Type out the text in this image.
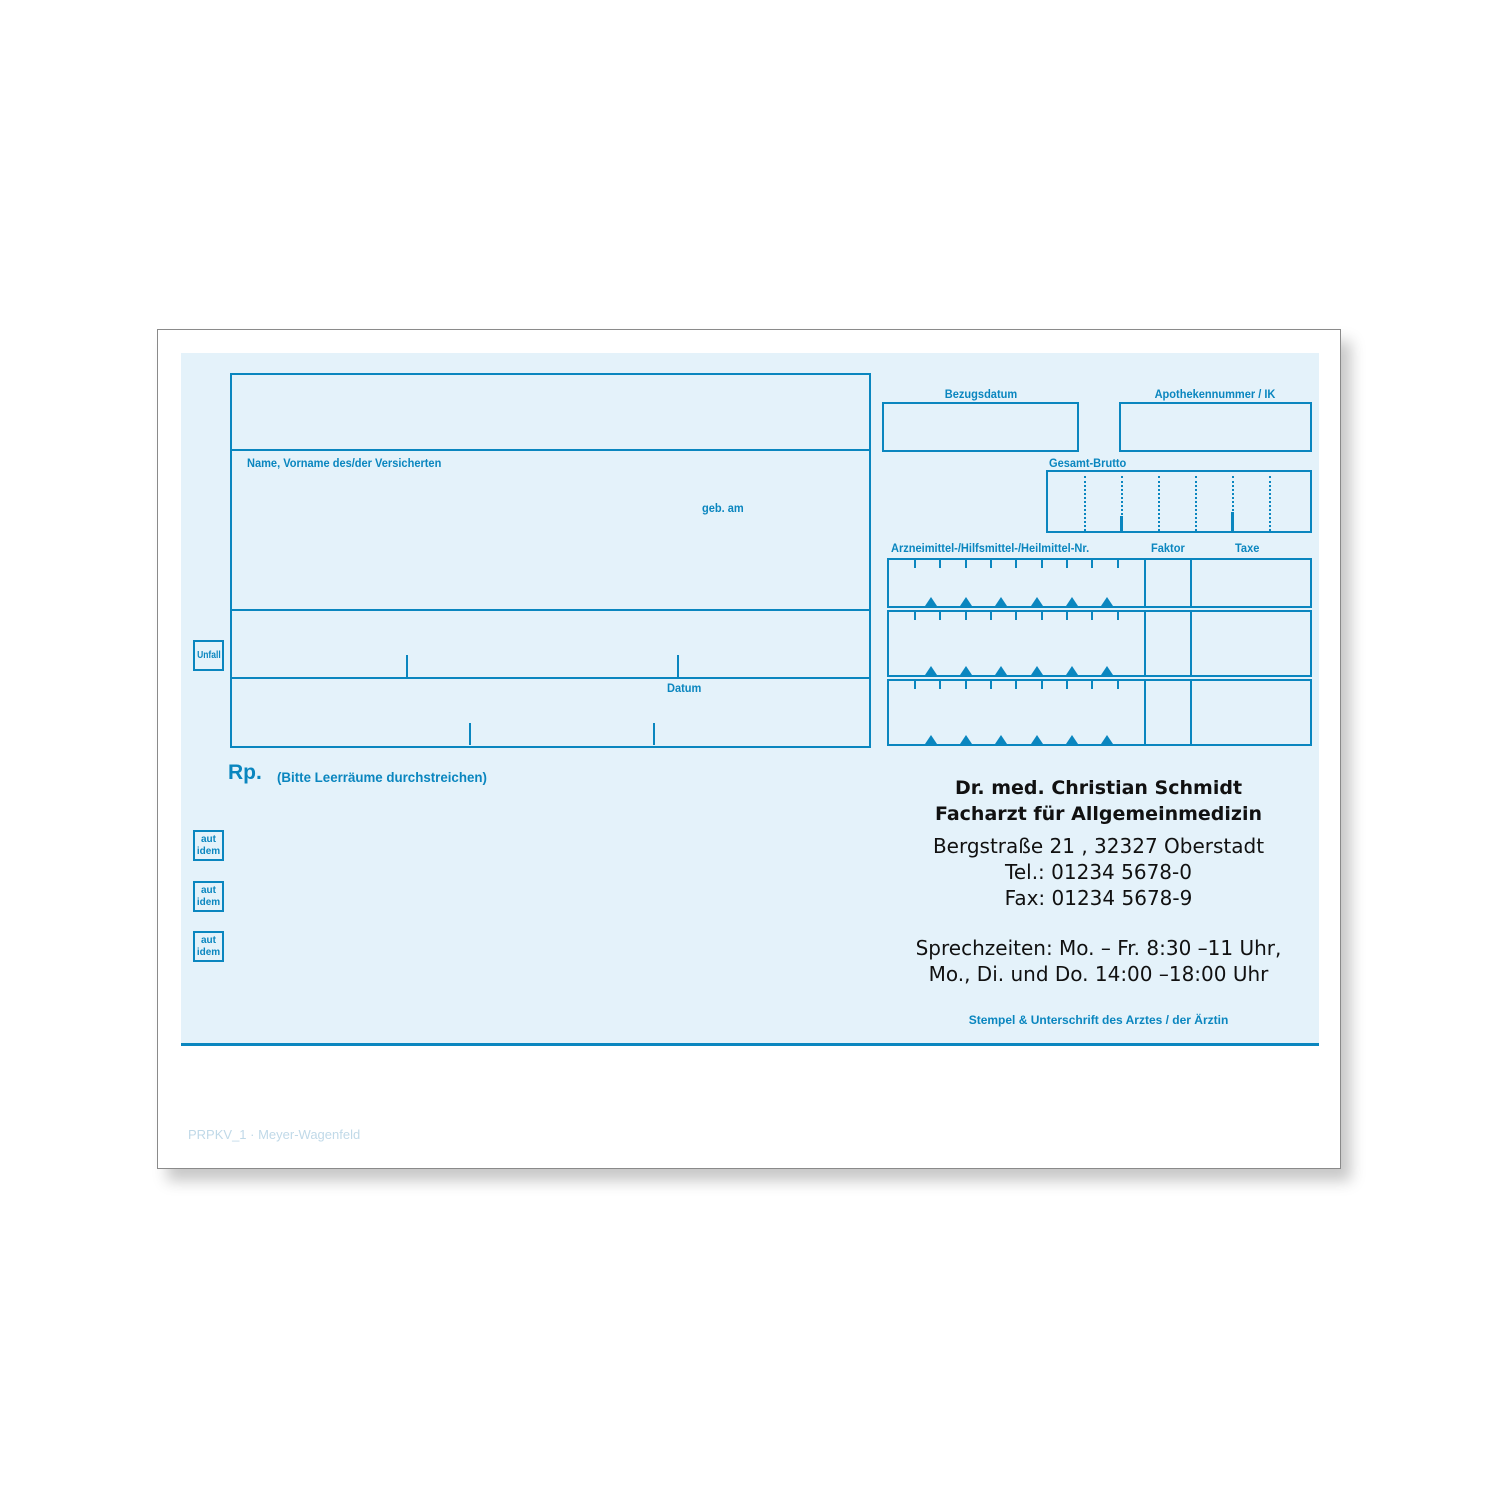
Name, Vorname des/der Versicherten
geb. am
Datum
Unfall
Bezugsdatum	Apothekennummer / IK
Gesamt-Brutto
Arzneimittel-/Hilfsmittel-/Heilmittel-Nr.	Faktor	Taxe
Rp. (Bitte Leerräume durchstreichen)
aut
idem
aut
idem
aut
idem
Dr. med. Christian Schmidt
Facharzt für Allgemeinmedizin
Bergstraße 21 , 32327 Oberstadt
Tel.: 01234 5678-0
Fax: 01234 5678-9
Sprechzeiten: Mo. – Fr. 8:30 –11 Uhr,
Mo., Di. und Do. 14:00 –18:00 Uhr
Stempel & Unterschrift des Arztes / der Ärztin
PRPKV_1 · Meyer-Wagenfeld
